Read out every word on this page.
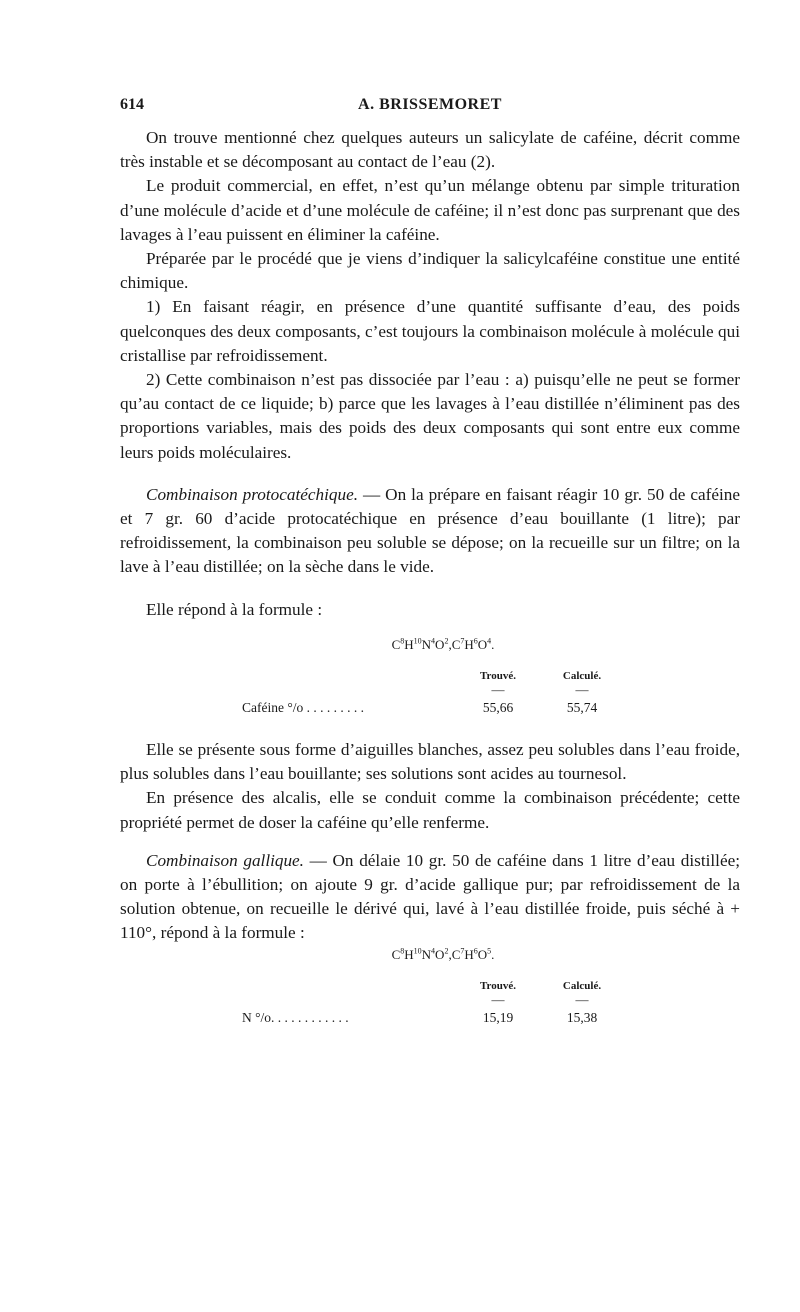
614	A. BRISSEMORET

On trouve mentionné chez quelques auteurs un salicylate de caféine, décrit comme très instable et se décomposant au contact de l’eau (2).

Le produit commercial, en effet, n’est qu’un mélange obtenu par simple trituration d’une molécule d’acide et d’une molécule de caféine; il n’est donc pas surprenant que des lavages à l’eau puissent en éliminer la caféine.

Préparée par le procédé que je viens d’indiquer la salicylcaféine constitue une entité chimique.

1) En faisant réagir, en présence d’une quantité suffisante d’eau, des poids quelconques des deux composants, c’est toujours la combinaison molécule à molécule qui cristallise par refroidissement.

2) Cette combinaison n’est pas dissociée par l’eau : a) puisqu’elle ne peut se former qu’au contact de ce liquide; b) parce que les lavages à l’eau distillée n’éliminent pas des proportions variables, mais des poids des deux composants qui sont entre eux comme leurs poids moléculaires.

Combinaison protocatéchique. — On la prépare en faisant réagir 10 gr. 50 de caféine et 7 gr. 60 d’acide protocatéchique en présence d’eau bouillante (1 litre); par refroidissement, la combinaison peu soluble se dépose; on la recueille sur un filtre; on la lave à l’eau distillée; on la sèche dans le vide.

Elle répond à la formule :

$C^8H^{10}N^4O^2,C^7H^6O^4$.

	Trouvé.	Calculé.
	—	—
Caféine °/o . . . . . . . . .	55,66	55,74

Elle se présente sous forme d’aiguilles blanches, assez peu solubles dans l’eau froide, plus solubles dans l’eau bouillante; ses solutions sont acides au tournesol.

En présence des alcalis, elle se conduit comme la combinaison précédente; cette propriété permet de doser la caféine qu’elle renferme.

Combinaison gallique. — On délaie 10 gr. 50 de caféine dans 1 litre d’eau distillée; on porte à l’ébullition; on ajoute 9 gr. d’acide gallique pur; par refroidissement de la solution obtenue, on recueille le dérivé qui, lavé à l’eau distillée froide, puis séché à + 110°, répond à la formule :

$C^8H^{10}N^4O^2,C^7H^6O^5$.

	Trouvé.	Calculé.
	—	—
N °/o. . . . . . . . . . . .	15,19	15,38
